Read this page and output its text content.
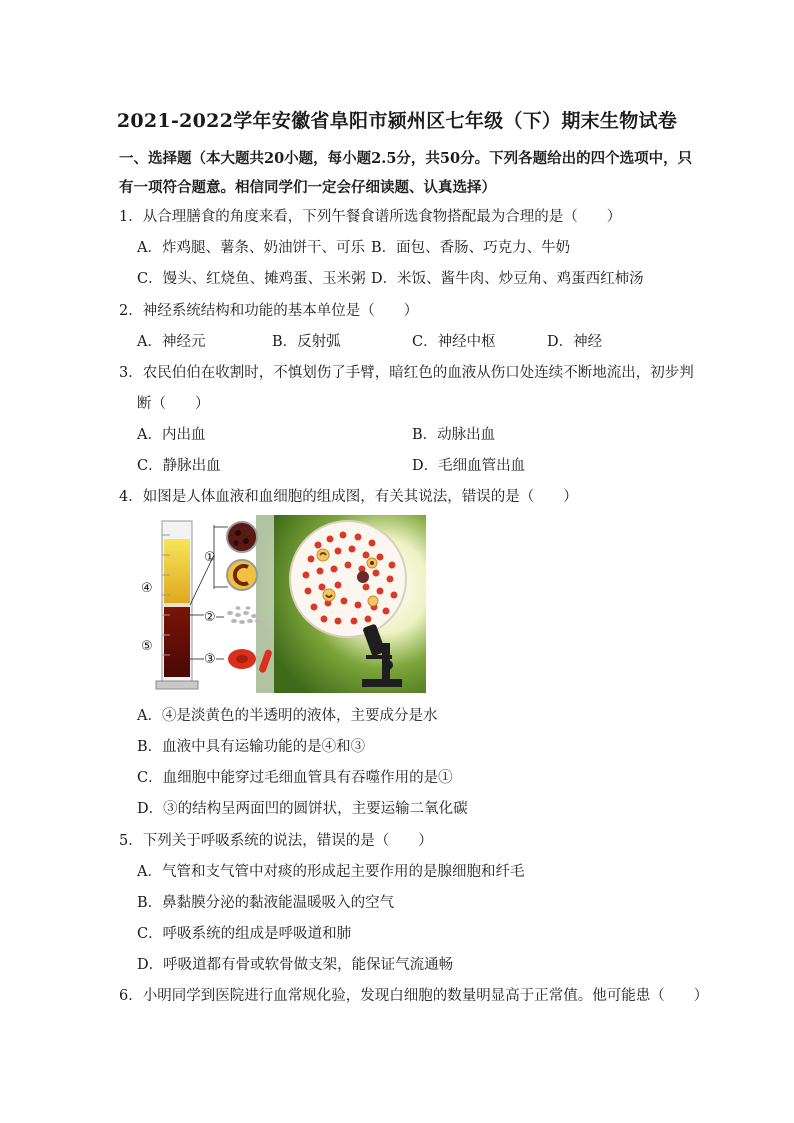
2021-2022学年安徽省阜阳市颍州区七年级（下）期末生物试卷
一、选择题（本大题共20小题，每小题2.5分，共50分。下列各题给出的四个选项中，只
有一项符合题意。相信同学们一定会仔细读题、认真选择）
1．从合理膳食的角度来看，下列午餐食谱所选食物搭配最为合理的是（　　）
A．炸鸡腿、薯条、奶油饼干、可乐 B．面包、香肠、巧克力、牛奶
C．馒头、红烧鱼、摊鸡蛋、玉米粥 D．米饭、酱牛肉、炒豆角、鸡蛋西红柿汤
2．神经系统结构和功能的基本单位是（　　）
A．神经元	B．反射弧	C．神经中枢	D．神经
3．农民伯伯在收割时，不慎划伤了手臂，暗红色的血液从伤口处连续不断地流出，初步判
断（　　）
A．内出血	B．动脉出血
C．静脉出血	D．毛细血管出血
4．如图是人体血液和血细胞的组成图，有关其说法，错误的是（　　）
④
⑤
①
②
③
A．④是淡黄色的半透明的液体，主要成分是水
B．血液中具有运输功能的是④和③
C．血细胞中能穿过毛细血管具有吞噬作用的是①
D．③的结构呈两面凹的圆饼状，主要运输二氧化碳
5．下列关于呼吸系统的说法，错误的是（　　）
A．气管和支气管中对痰的形成起主要作用的是腺细胞和纤毛
B．鼻黏膜分泌的黏液能温暖吸入的空气
C．呼吸系统的组成是呼吸道和肺
D．呼吸道都有骨或软骨做支架，能保证气流通畅
6．小明同学到医院进行血常规化验，发现白细胞的数量明显高于正常值。他可能患（　　）
